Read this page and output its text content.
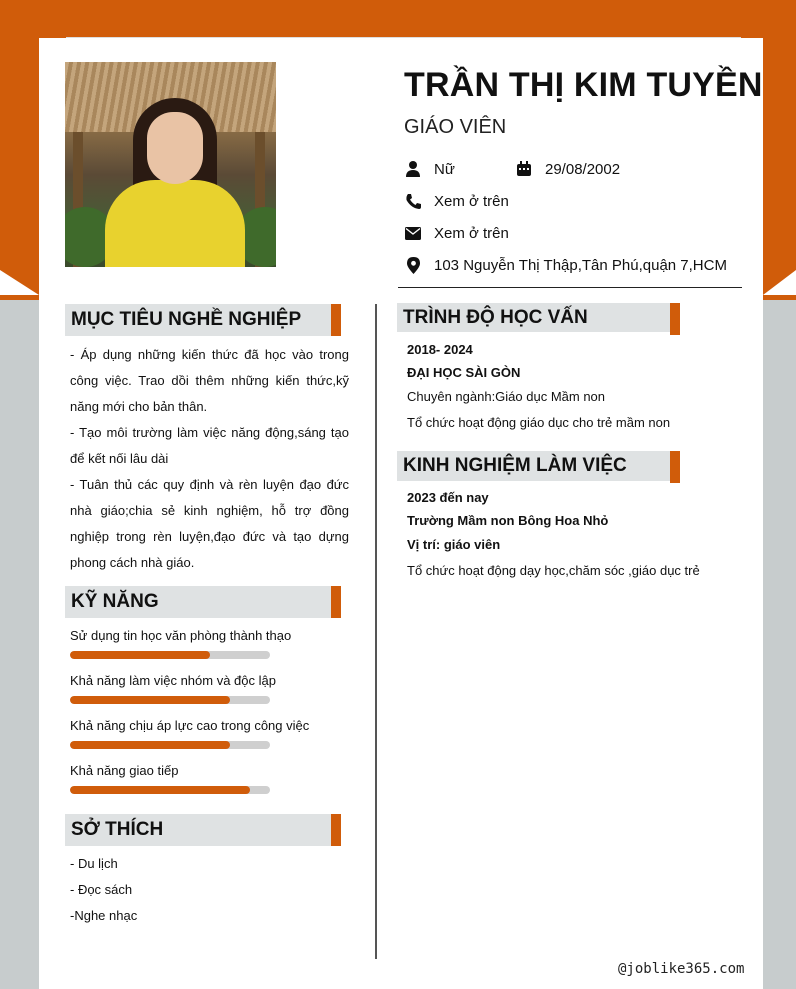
TRẦN THỊ KIM TUYỀN
GIÁO VIÊN
Nữ	29/08/2002
Xem ở trên
Xem ở trên
103 Nguyễn Thị Thập,Tân Phú,quận 7,HCM
MỤC TIÊU NGHỀ NGHIỆP

- Áp dụng những kiến thức đã học vào trong công việc. Trao dồi thêm những kiến thức,kỹ năng mới cho bản thân.

- Tạo môi trường làm việc năng động,sáng tạo để kết nối lâu dài

- Tuân thủ các quy định và rèn luyện đạo đức nhà giáo;chia sẻ kinh nghiệm, hỗ trợ đồng nghiệp trong rèn luyện,đạo đức và tạo dựng phong cách nhà giáo.

KỸ NĂNG
Sử dụng tin học văn phòng thành thạo
Khả năng làm việc nhóm và độc lập
Khả năng chịu áp lực cao trong công việc
Khả năng giao tiếp
SỞ THÍCH
- Du lịch
- Đọc sách
-Nghe nhạc
TRÌNH ĐỘ HỌC VẤN
2018- 2024
ĐẠI HỌC SÀI GÒN
Chuyên ngành:Giáo dục Mầm non
Tổ chức hoạt động giáo dục cho trẻ mầm non
KINH NGHIỆM LÀM VIỆC
2023 đến nay
Trường Mầm non Bông Hoa Nhỏ
Vị trí: giáo viên
Tổ chức hoạt động dạy học,chăm sóc ,giáo dục trẻ
@joblike365.com
